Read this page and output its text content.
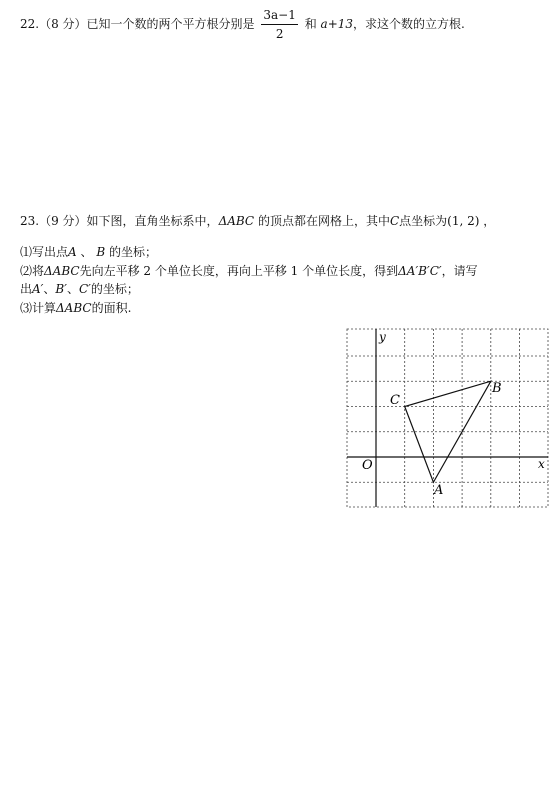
22.（8 分）已知一个数的两个平方根分别是 $\frac{3a-1}{2}$ 和 a+13，求这个数的立方根.
23.（9 分）如下图，直角坐标系中，ΔABC 的顶点都在网格上，其中C点坐标为(1, 2) ，
⑴写出点A 、 B 的坐标；
⑵将ΔABC先向左平移 2 个单位长度，再向上平移 1 个单位长度，得到ΔA′B′C′，请写
出A′、B′、C′的坐标；
⑶计算ΔABC的面积.
y
x
O
A
B
C
